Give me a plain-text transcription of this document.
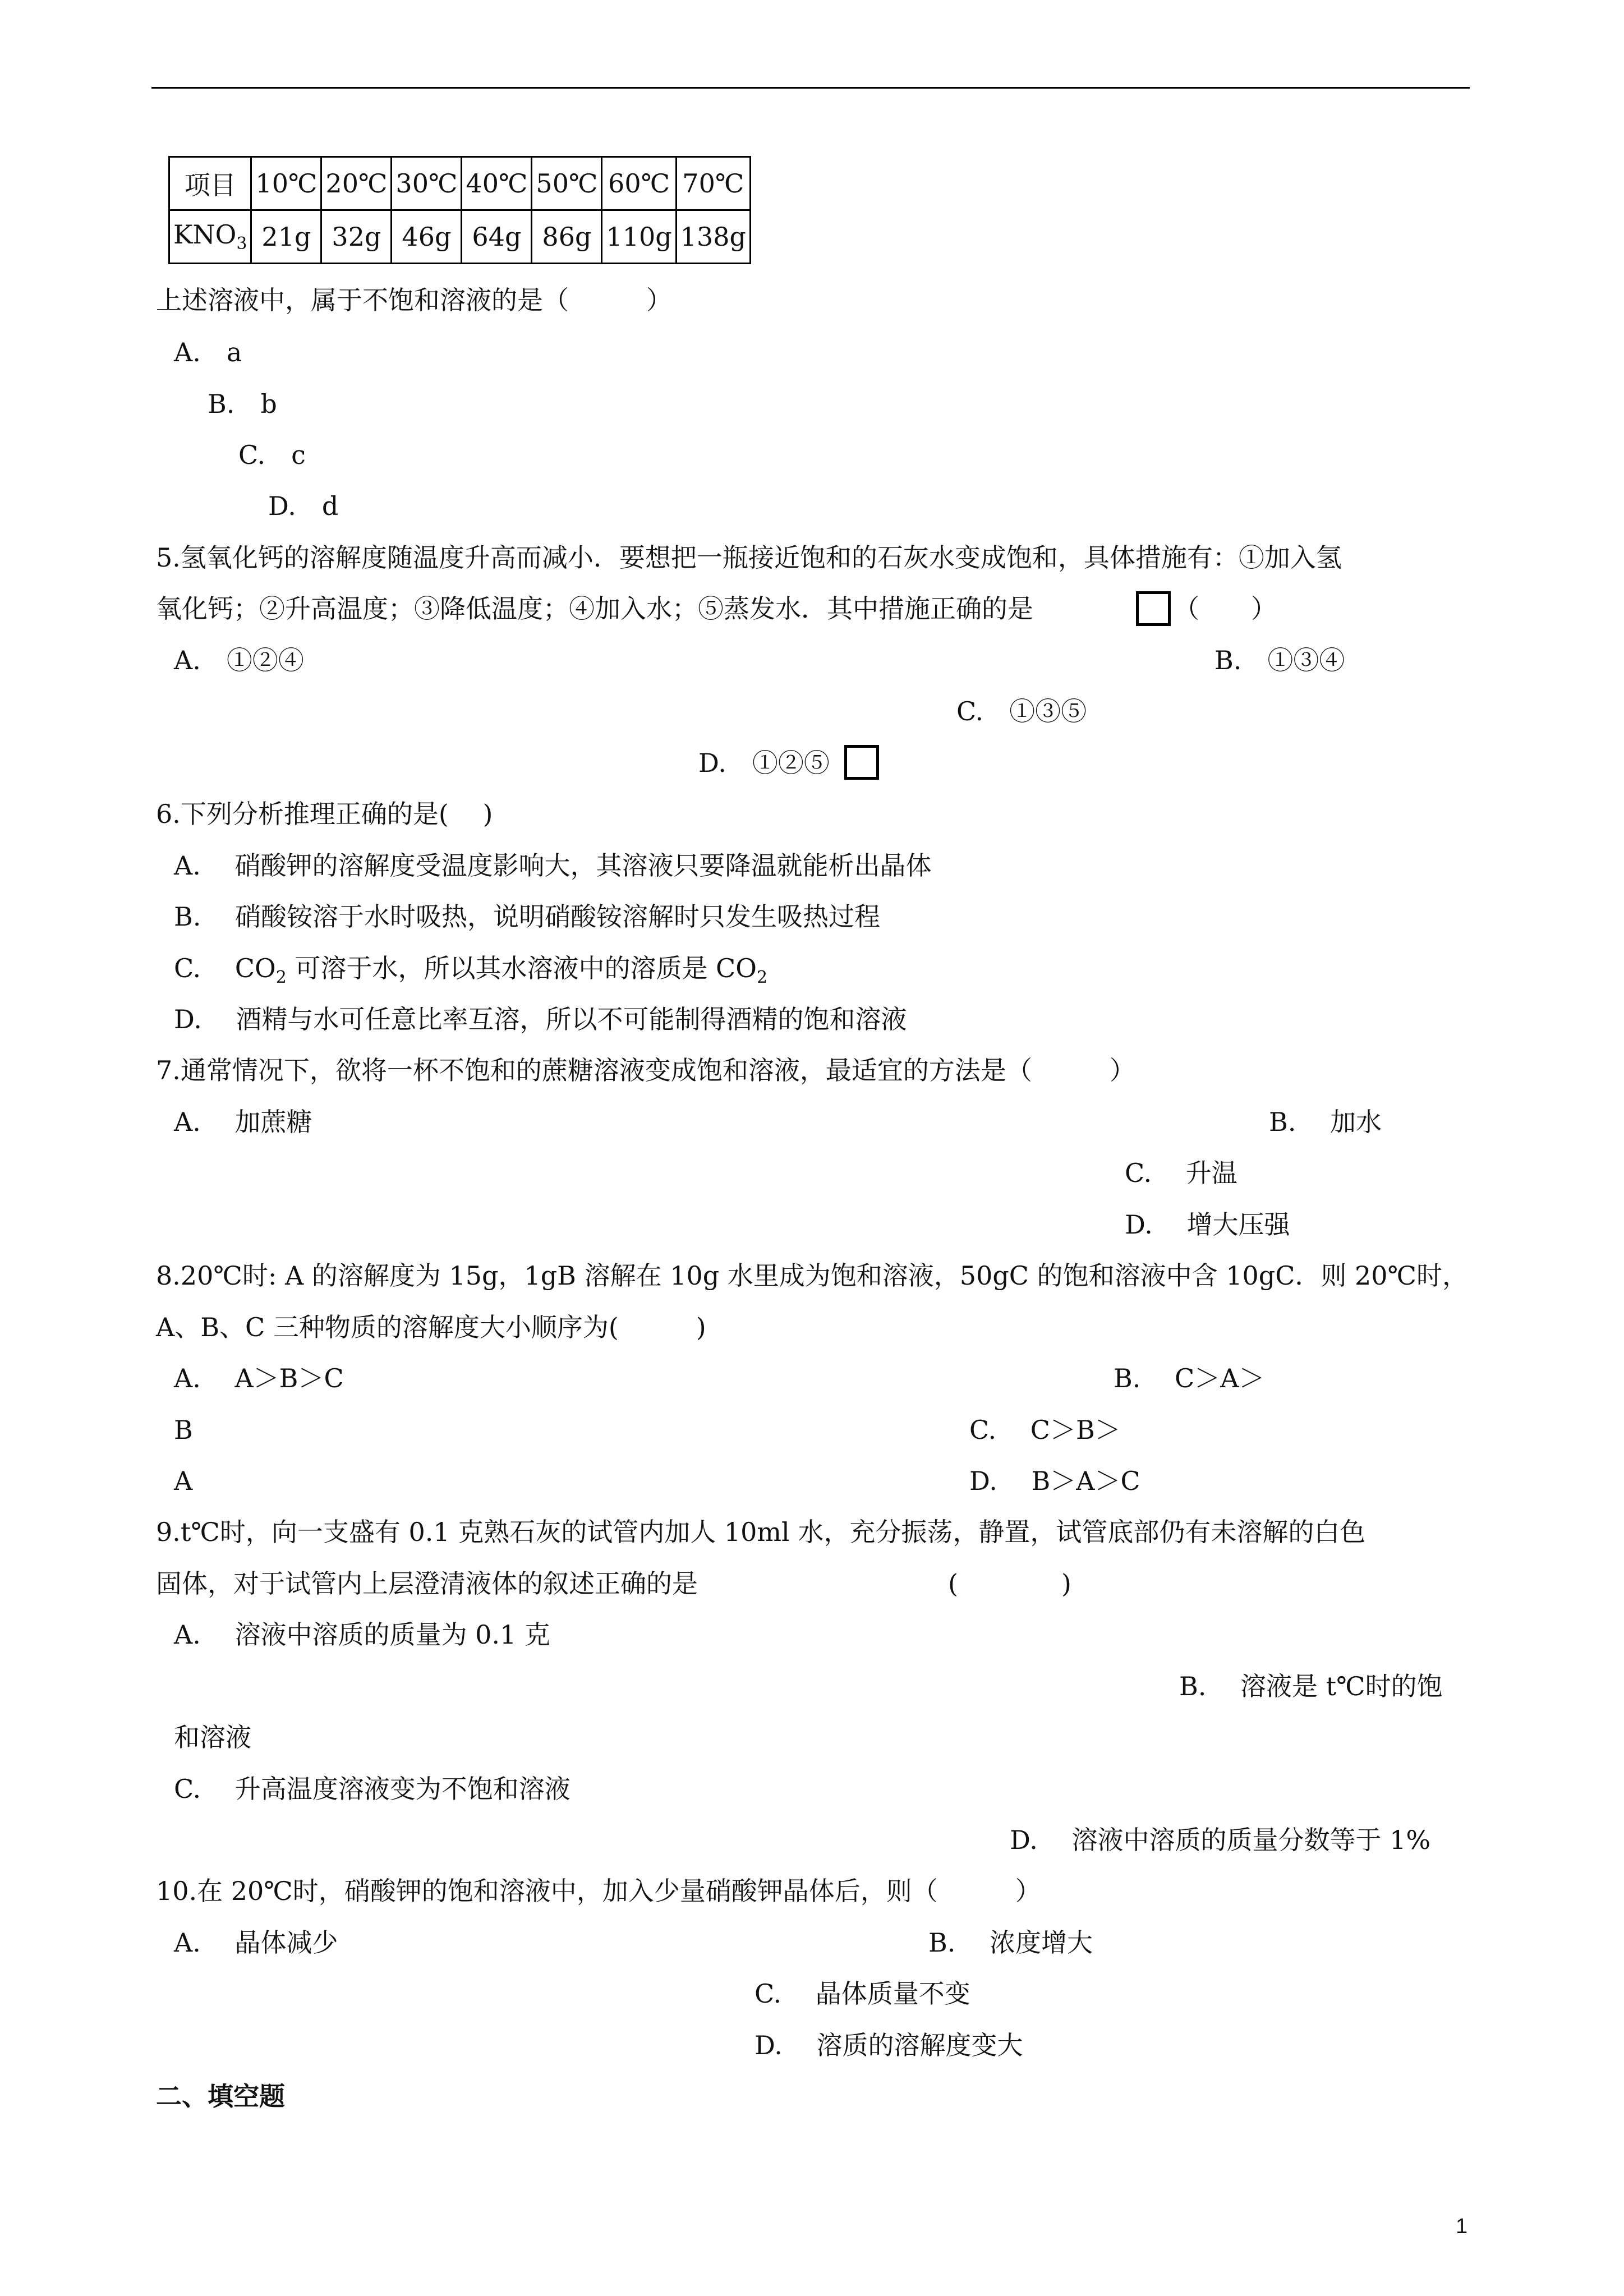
项目	10℃	20℃	30℃	40℃	50℃	60℃	70℃
$KNO_3$	21g	32g	46g	64g	86g	110g	138g
上述溶液中，属于不饱和溶液的是（　　　）
A.　a
B.　b
C.　c
D.　d
5.氢氧化钙的溶解度随温度升高而减小．要想把一瓶接近饱和的石灰水变成饱和，具体措施有：①加入氢
氧化钙；②升高温度；③降低温度；④加入水；⑤蒸发水．其中措施正确的是	（　　）
A.　①②④	B.　①③④
C.　①③⑤
D.　①②⑤
6.下列分析推理正确的是(　 )
A.　 硝酸钾的溶解度受温度影响大，其溶液只要降温就能析出晶体
B.　 硝酸铵溶于水时吸热，说明硝酸铵溶解时只发生吸热过程
C.　 $CO_2$ 可溶于水，所以其水溶液中的溶质是 $CO_2$
D.　 酒精与水可任意比率互溶，所以不可能制得酒精的饱和溶液
7.通常情况下，欲将一杯不饱和的蔗糖溶液变成饱和溶液，最适宜的方法是（　　　）
A.　 加蔗糖	B.　 加水
C.　 升温
D.　 增大压强
8.20℃时: A 的溶解度为 15g，1gB 溶解在 10g 水里成为饱和溶液，50gC 的饱和溶液中含 10gC．则 20℃时，
A、B、C 三种物质的溶解度大小顺序为(　　　)
A.　 A＞B＞C	B.　 C＞A＞
B	C.　 C＞B＞
A	D.　 B＞A＞C
9.t℃时，向一支盛有 0.1 克熟石灰的试管内加人 10ml 水，充分振荡，静置，试管底部仍有未溶解的白色
固体，对于试管内上层澄清液体的叙述正确的是	(　　　　)
A.　 溶液中溶质的质量为 0.1 克
B.　 溶液是 t℃时的饱
和溶液
C.　 升高温度溶液变为不饱和溶液
D.　 溶液中溶质的质量分数等于 1%
10.在 20℃时，硝酸钾的饱和溶液中，加入少量硝酸钾晶体后，则（　　　）
A.　 晶体减少	B.　 浓度增大
C.　 晶体质量不变
D.　 溶质的溶解度变大
二、填空题
1
